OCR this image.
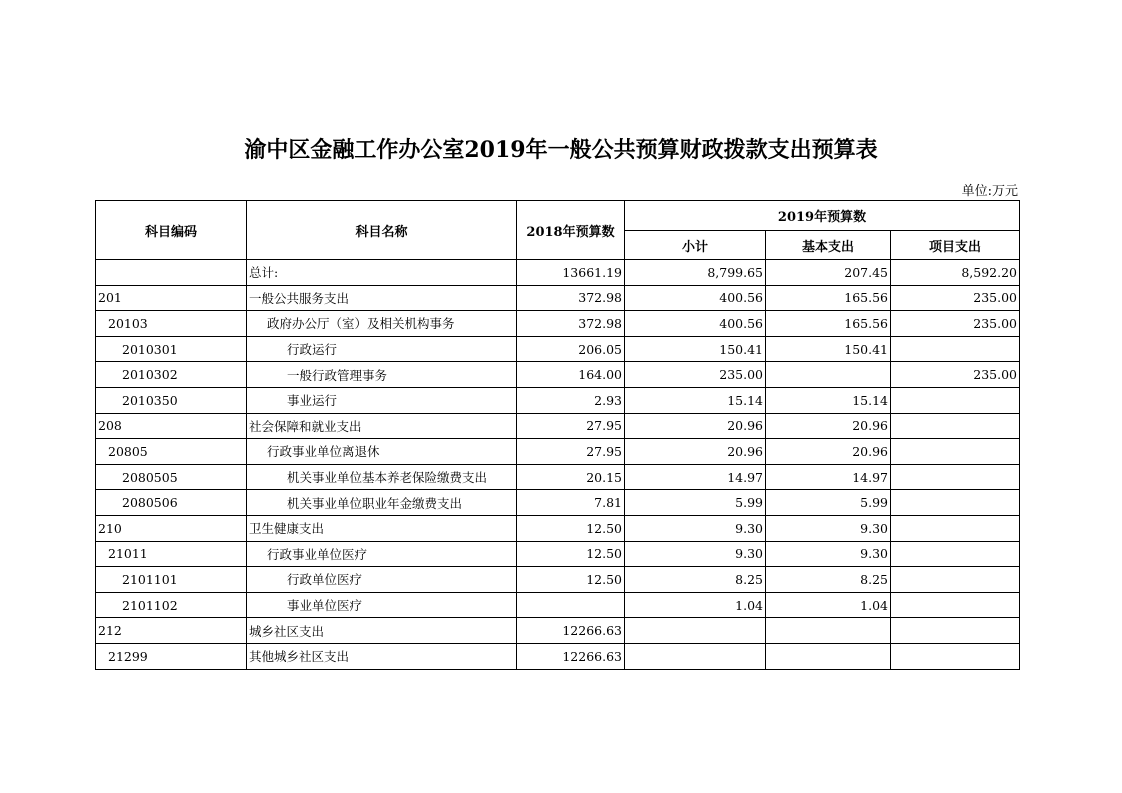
渝中区金融工作办公室2019年一般公共预算财政拨款支出预算表
单位:万元
科目编码	科目名称	2018年预算数	2019年预算数		
			小计	基本支出	项目支出
	总计:	13661.19	8,799.65	207.45	8,592.20
201	一般公共服务支出	372.98	400.56	165.56	235.00
20103	政府办公厅（室）及相关机构事务	372.98	400.56	165.56	235.00
2010301	行政运行	206.05	150.41	150.41	
2010302	一般行政管理事务	164.00	235.00		235.00
2010350	事业运行	2.93	15.14	15.14	
208	社会保障和就业支出	27.95	20.96	20.96	
20805	行政事业单位离退休	27.95	20.96	20.96	
2080505	机关事业单位基本养老保险缴费支出	20.15	14.97	14.97	
2080506	机关事业单位职业年金缴费支出	7.81	5.99	5.99	
210	卫生健康支出	12.50	9.30	9.30	
21011	行政事业单位医疗	12.50	9.30	9.30	
2101101	行政单位医疗	12.50	8.25	8.25	
2101102	事业单位医疗		1.04	1.04	
212	城乡社区支出	12266.63			
21299	其他城乡社区支出	12266.63			
